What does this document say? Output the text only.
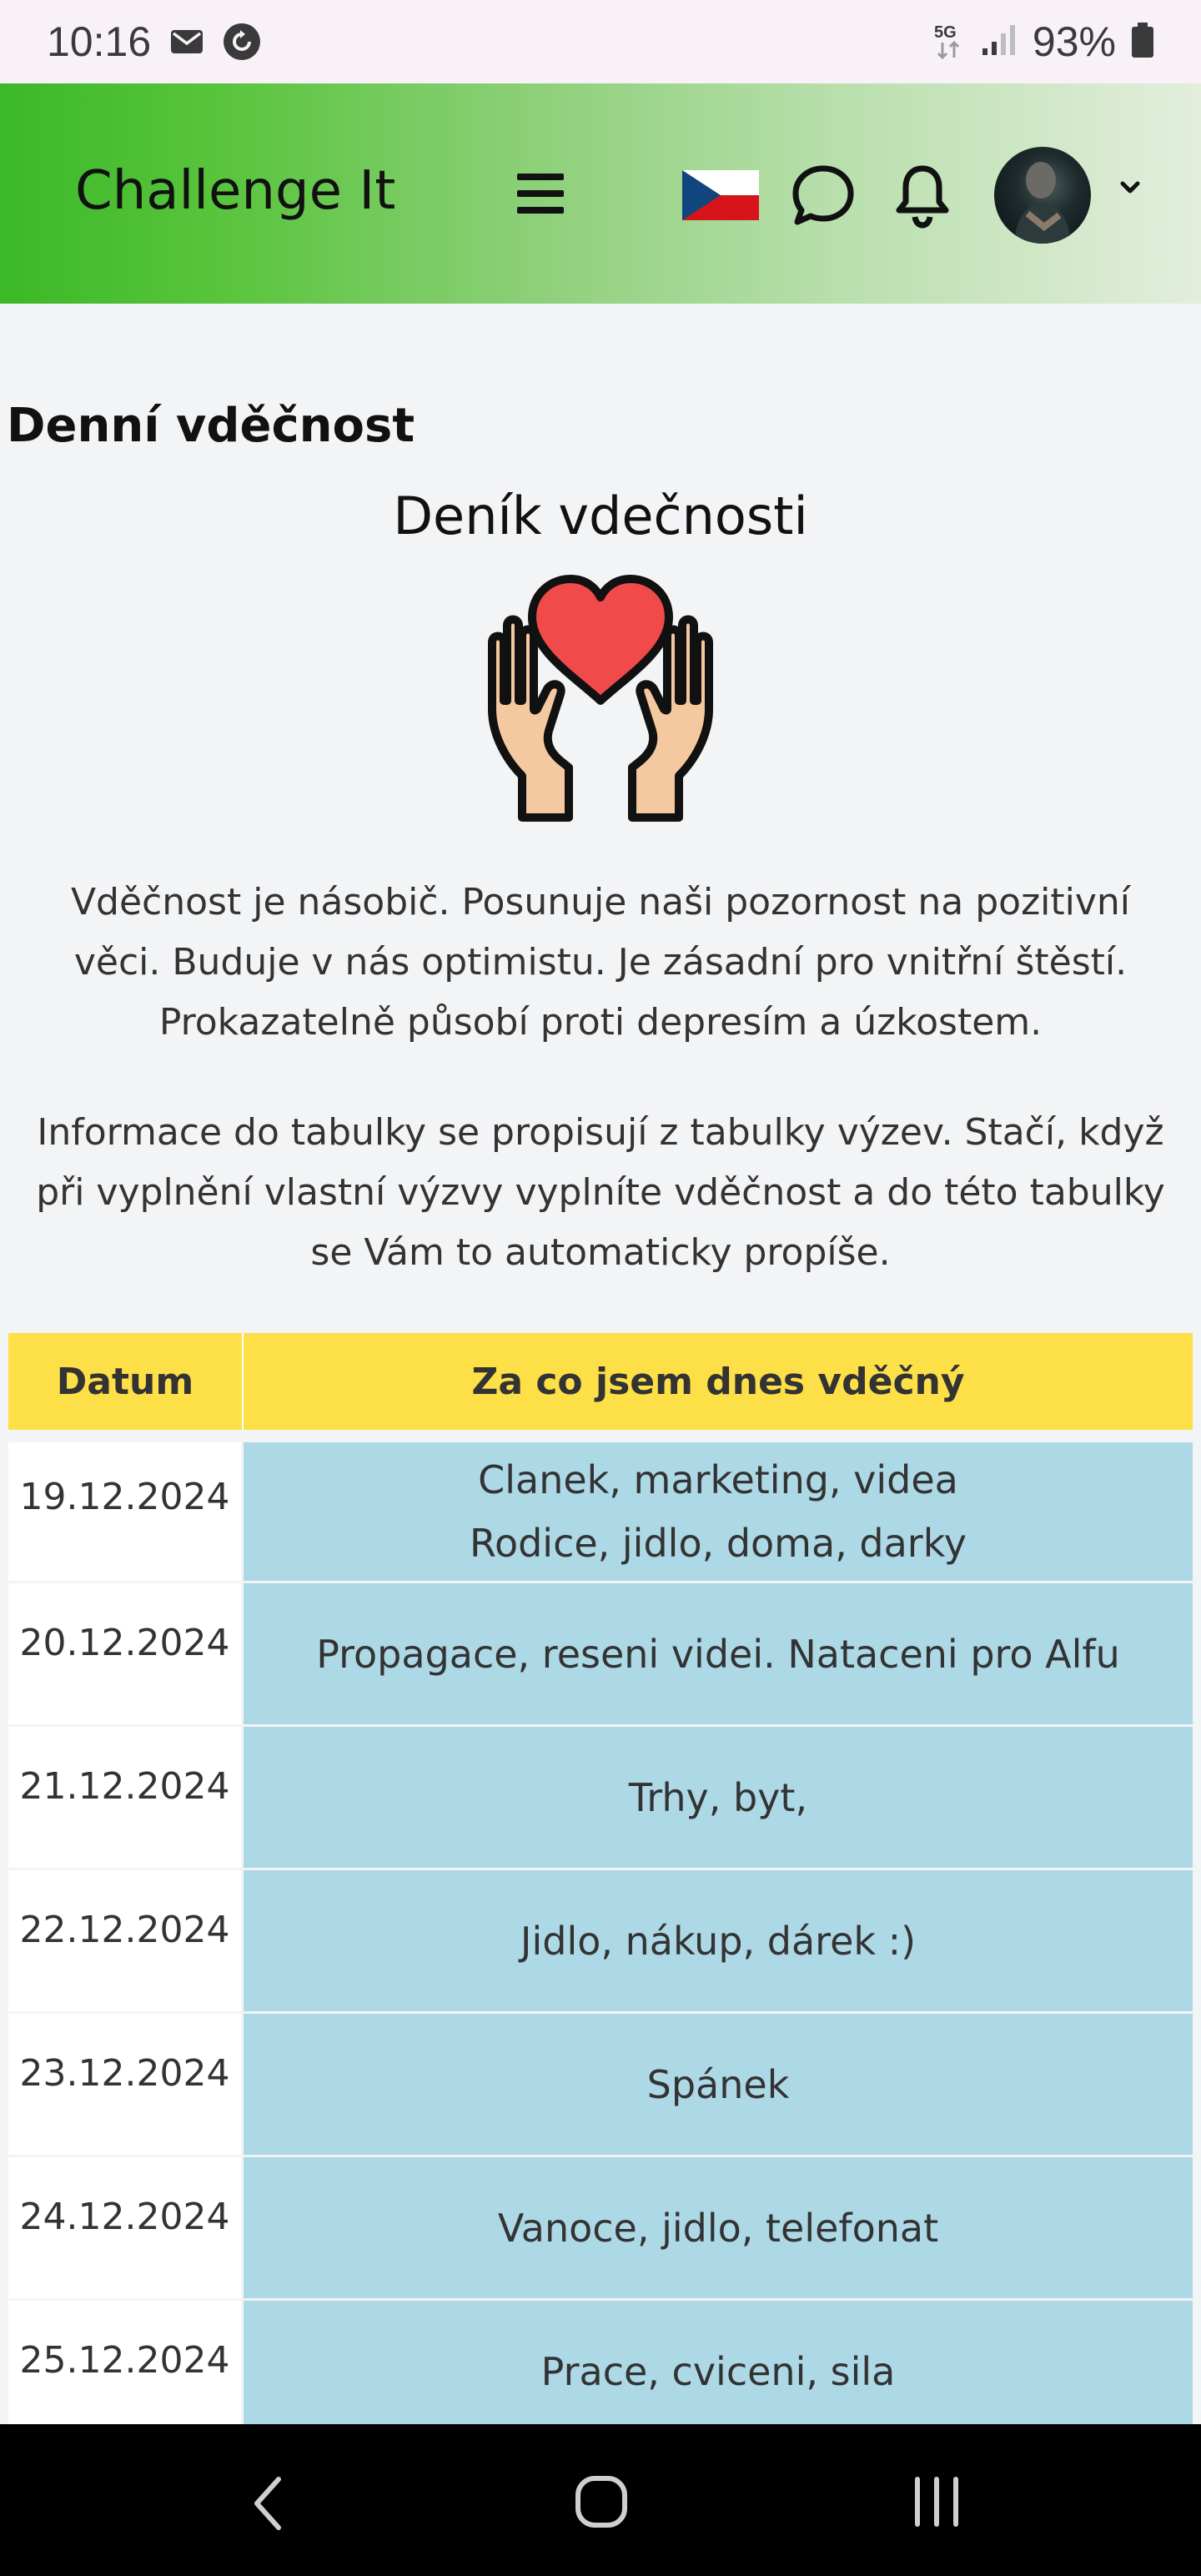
10:16	5G 93%
Challenge It
Denní vděčnost
Deník vdečnosti

Vděčnost je násobič. Posunuje naši pozornost na pozitivní věci. Buduje v nás optimistu. Je zásadní pro vnitřní štěstí. Prokazatelně působí proti depresím a úzkostem.

Informace do tabulky se propisují z tabulky výzev. Stačí, když při vyplnění vlastní výzvy vyplníte vděčnost a do této tabulky se Vám to automaticky propíše.

Datum	Za co jsem dnes vděčný
19.12.2024	Clanek, marketing, videa
Rodice, jidlo, doma, darky
20.12.2024	Propagace, reseni videi. Nataceni pro Alfu
21.12.2024	Trhy, byt,
22.12.2024	Jidlo, nákup, dárek :)
23.12.2024	Spánek
24.12.2024	Vanoce, jidlo, telefonat
25.12.2024	Prace, cviceni, sila
